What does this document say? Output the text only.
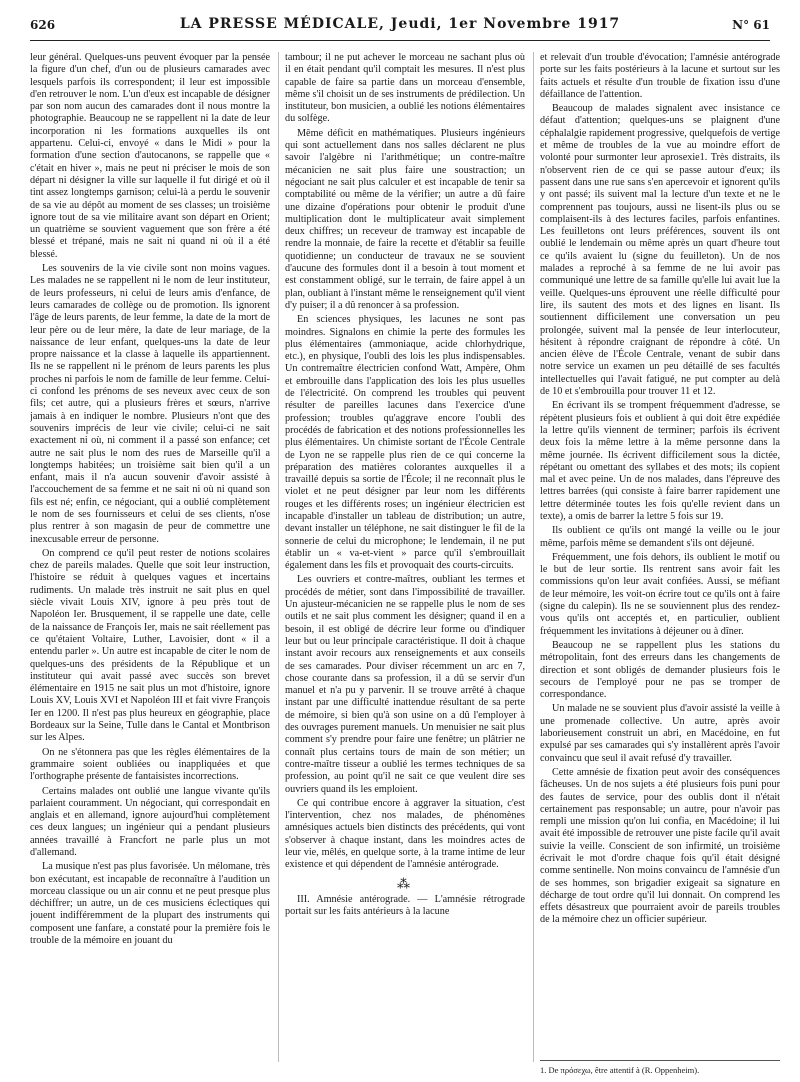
626	LA PRESSE MÉDICALE, Jeudi, 1er Novembre 1917	N° 61

leur général. Quelques-uns peuvent évoquer par la pensée la figure d'un chef, d'un ou de plusieurs camarades avec lesquels parfois ils correspondent; il leur est impossible d'en retrouver le nom. L'un d'eux est incapable de désigner par son nom aucun des camarades dont il nous montre la photographie. Beaucoup ne se rappellent ni la date de leur incorporation ni les formations auxquelles ils ont appartenu. Celui-ci, envoyé « dans le Midi » pour la formation d'une section d'autocanons, se rappelle que « c'était en hiver », mais ne peut ni préciser le mois de son départ ni désigner la ville sur laquelle il fut dirigé et où il tint assez longtemps garnison; celui-là a perdu le souvenir de sa vie au dépôt au moment de ses classes; un troisième ignore tout de sa vie militaire avant son départ en Orient; un quatrième se souvient vaguement que son frère a été blessé et trépané, mais ne sait ni quand ni où il a été blessé.

Les souvenirs de la vie civile sont non moins vagues. Les malades ne se rappellent ni le nom de leur instituteur, de leurs professeurs, ni celui de leurs amis d'enfance, de leurs camarades de collège ou de promotion. Ils ignorent l'âge de leurs parents, de leur femme, la date de la mort de leur père ou de leur mère, la date de leur mariage, de la naissance de leur enfant, quelques-uns la date de leur propre naissance et la classe à laquelle ils appartiennent. Ils ne se rappellent ni le prénom de leurs parents les plus proches ni parfois le nom de famille de leur femme. Celui-ci confond les prénoms de ses neveux avec ceux de son fils; cet autre, qui a plusieurs frères et sœurs, n'arrive jamais à en indiquer le nombre. Plusieurs n'ont que des souvenirs imprécis de leur vie civile; celui-ci ne sait exactement ni où, ni comment il a passé son enfance; cet autre ne sait plus le nom des rues de Marseille qu'il a longtemps habitées; un troisième sait bien qu'il a un enfant, mais il n'a aucun souvenir d'avoir assisté à l'accouchement de sa femme et ne sait ni où ni quand son fils est né; enfin, ce négociant, qui a oublié complètement le nom de ses fournisseurs et celui de ses clients, n'ose plus rentrer à son magasin de peur de commettre une inexcusable erreur de personne.

On comprend ce qu'il peut rester de notions scolaires chez de pareils malades. Quelle que soit leur instruction, l'histoire se réduit à quelques vagues et incertains rudiments. Un malade très instruit ne sait plus en quel siècle vivait Louis XIV, ignore à peu près tout de Napoléon Ier. Brusquement, il se rappelle une date, celle de la naissance de François Ier, mais ne sait réellement pas ce qu'étaient Voltaire, Luther, Lavoisier, dont « il a entendu parler ». Un autre est incapable de citer le nom de quelques-uns des présidents de la République et un instituteur qui avait passé avec succès son brevet élémentaire en 1915 ne sait plus un mot d'histoire, ignore Louis XV, Louis XVI et Napoléon III et fait vivre François Ier en 1200. Il n'est pas plus heureux en géographie, place Bordeaux sur la Seine, Tulle dans le Cantal et Montbrison sur les Alpes.

On ne s'étonnera pas que les règles élémentaires de la grammaire soient oubliées ou inappliquées et que l'orthographe présente de fantaisistes incorrections.

Certains malades ont oublié une langue vivante qu'ils parlaient couramment. Un négociant, qui correspondait en anglais et en allemand, ignore aujourd'hui complètement ces deux langues; un ingénieur qui a pendant plusieurs années travaillé à Francfort ne parle plus un mot d'allemand.

La musique n'est pas plus favorisée. Un mélomane, très bon exécutant, est incapable de reconnaître à l'audition un morceau classique ou un air connu et ne peut presque plus déchiffrer; un autre, un de ces musiciens éclectiques qui jouent indifféremment de la plupart des instruments qui composent une fanfare, a constaté pour la première fois le trouble de la mémoire en jouant du

tambour; il ne put achever le morceau ne sachant plus où il en était pendant qu'il comptait les mesures. Il n'est plus capable de faire sa partie dans un morceau d'ensemble, même s'il choisit un de ses instruments de prédilection. Un instituteur, bon musicien, a oublié les notions élémentaires du solfège.

Même déficit en mathématiques. Plusieurs ingénieurs qui sont actuellement dans nos salles déclarent ne plus savoir l'algèbre ni l'arithmétique; un contre-maître mécanicien ne sait plus faire une soustraction; un négociant ne sait plus calculer et est incapable de tenir sa comptabilité ou même de la vérifier; un autre a dû faire une dizaine d'opérations pour obtenir le produit d'une multiplication dont le multiplicateur avait simplement deux chiffres; un receveur de tramway est incapable de rendre la monnaie, de faire la recette et d'établir sa feuille quotidienne; un conducteur de travaux ne se souvient d'aucune des formules dont il a besoin à tout moment et est constamment obligé, sur le terrain, de faire appel à un plan, oubliant à l'instant même le renseignement qu'il vient d'y puiser; il a dû renoncer à sa profession.

En sciences physiques, les lacunes ne sont pas moindres. Signalons en chimie la perte des formules les plus élémentaires (ammoniaque, acide chlorhydrique, etc.), en physique, l'oubli des lois les plus indispensables. Un contremaître électricien confond Watt, Ampère, Ohm et embrouille dans l'application des lois les plus usuelles de l'électricité. On comprend les troubles qui peuvent résulter de pareilles lacunes dans l'exercice d'une profession; troubles qu'aggrave encore l'oubli des procédés de fabrication et des notions professionnelles les plus élémentaires. Un chimiste sortant de l'École Centrale de Lyon ne se rappelle plus rien de ce qui concerne la préparation des matières colorantes auxquelles il a travaillé depuis sa sortie de l'École; il ne reconnaît plus le violet et ne peut désigner par leur nom les différents rouges et les différents roses; un ingénieur électricien est incapable d'installer un tableau de distribution; un autre, devant installer un téléphone, ne sait distinguer le fil de la sonnerie de celui du microphone; le lendemain, il ne put établir un « va-et-vient » parce qu'il s'embrouillait également dans les fils et provoquait des courts-circuits.

Les ouvriers et contre-maîtres, oubliant les termes et procédés de métier, sont dans l'impossibilité de travailler. Un ajusteur-mécanicien ne se rappelle plus le nom de ses outils et ne sait plus comment les désigner; quand il en a besoin, il est obligé de décrire leur forme ou d'indiquer leur but ou leur principale caractéristique. Il doit à chaque instant avoir recours aux renseignements et aux conseils de ses camarades. Pour diviser récemment un arc en 7, chose courante dans sa profession, il a dû se servir d'un manuel et n'a pu y parvenir. Il se trouve arrêté à chaque instant par une difficulté inattendue résultant de sa perte de mémoire, si bien qu'à son usine on a dû l'employer à des ouvrages purement manuels. Un menuisier ne sait plus comment s'y prendre pour faire une fenêtre; un plâtrier ne connaît plus certains tours de main de son métier; un contre-maître tisseur a oublié les termes techniques de sa profession, au point qu'il ne sait ce que veulent dire ses ouvriers quand ils les emploient.

Ce qui contribue encore à aggraver la situation, c'est l'intervention, chez nos malades, de phénomènes amnésiques actuels bien distincts des précédents, qui vont s'observer à chaque instant, dans les moindres actes de leur vie, mêlés, en quelque sorte, à la trame intime de leur existence et qui dépendent de l'amnésie antérograde.

⁂

III. Amnésie antérograde. — L'amnésie rétrograde portait sur les faits antérieurs à la lacune

et relevait d'un trouble d'évocation; l'amnésie antérograde porte sur les faits postérieurs à la lacune et surtout sur les faits actuels et résulte d'un trouble de fixation issu d'une défaillance de l'attention.

Beaucoup de malades signalent avec insistance ce défaut d'attention; quelques-uns se plaignent d'une céphalalgie rapidement progressive, quelquefois de vertige et même de troubles de la vue au moindre effort de volonté pour surmonter leur aprosexie1. Très distraits, ils n'observent rien de ce qui se passe autour d'eux; ils passent dans une rue sans s'en apercevoir et ignorent qu'ils y ont passé; ils suivent mal la lecture d'un texte et ne le comprennent pas toujours, aussi ne lisent-ils plus ou se complaisent-ils à des lectures faciles, parfois enfantines. Les feuilletons ont leurs préférences, souvent ils ont oublié le lendemain ou même après un quart d'heure tout ce qu'ils avaient lu (signe du feuilleton). Un de nos malades a reproché à sa femme de ne lui avoir pas communiqué une lettre de sa famille qu'elle lui avait lue la veille. Quelques-uns éprouvent une réelle difficulté pour lire, ils sautent des mots et des lignes en lisant. Ils soutiennent difficilement une conversation un peu prolongée, suivent mal la pensée de leur interlocuteur, hésitent à répondre craignant de répondre à côté. Un ancien élève de l'École Centrale, venant de subir dans notre service un examen un peu détaillé de ses facultés intellectuelles qui l'avait fatigué, ne put compter au delà de 10 et s'embrouilla pour trouver 11 et 12.

En écrivant ils se trompent fréquemment d'adresse, se répètent plusieurs fois et oublient à qui doit être expédiée la lettre qu'ils viennent de terminer; parfois ils écrivent deux fois la même lettre à la même personne dans la même journée. Ils écrivent difficilement sous la dictée, répétant ou omettant des syllabes et des mots; ils copient mal et avec peine. Un de nos malades, dans l'épreuve des lettres barrées (qui consiste à faire barrer rapidement une lettre déterminée toutes les fois qu'elle revient dans un texte), a omis de barrer la lettre 5 fois sur 19.

Ils oublient ce qu'ils ont mangé la veille ou le jour même, parfois même se demandent s'ils ont déjeuné.

Fréquemment, une fois dehors, ils oublient le motif ou le but de leur sortie. Ils rentrent sans avoir fait les commissions qu'on leur avait confiées. Aussi, se méfiant de leur mémoire, les voit-on écrire tout ce qu'ils ont à faire (signe du calepin). Ils ne se souviennent plus des rendez-vous qu'ils ont acceptés et, en particulier, oublient fréquemment les invitations à déjeuner ou à dîner.

Beaucoup ne se rappellent plus les stations du métropolitain, font des erreurs dans les changements de direction et sont obligés de demander plusieurs fois le secours de l'employé pour ne pas se tromper de correspondance.

Un malade ne se souvient plus d'avoir assisté la veille à une promenade collective. Un autre, après avoir laborieusement construit un abri, en Macédoine, en fut expulsé par ses camarades qui s'y installèrent après l'avoir convaincu que seul il avait refusé d'y travailler.

Cette amnésie de fixation peut avoir des conséquences fâcheuses. Un de nos sujets a été plusieurs fois puni pour des fautes de service, pour des oublis dont il n'était certainement pas responsable; un autre, pour n'avoir pas rempli une mission qu'on lui confia, en Macédoine; il lui avait été impossible de retrouver une piste facile qu'il avait suivie la veille. Conscient de son infirmité, un troisième écrivait le mot d'ordre chaque fois qu'il était désigné comme sentinelle. Non moins convaincu de l'amnésie d'un de ses hommes, son brigadier exigeait sa signature en décharge de tout ordre qu'il lui donnait. On comprend les effets désastreux que pourraient avoir de pareils troubles de la mémoire chez un officier supérieur.

1. De πρόσεχω, être attentif à (R. Oppenheim).
